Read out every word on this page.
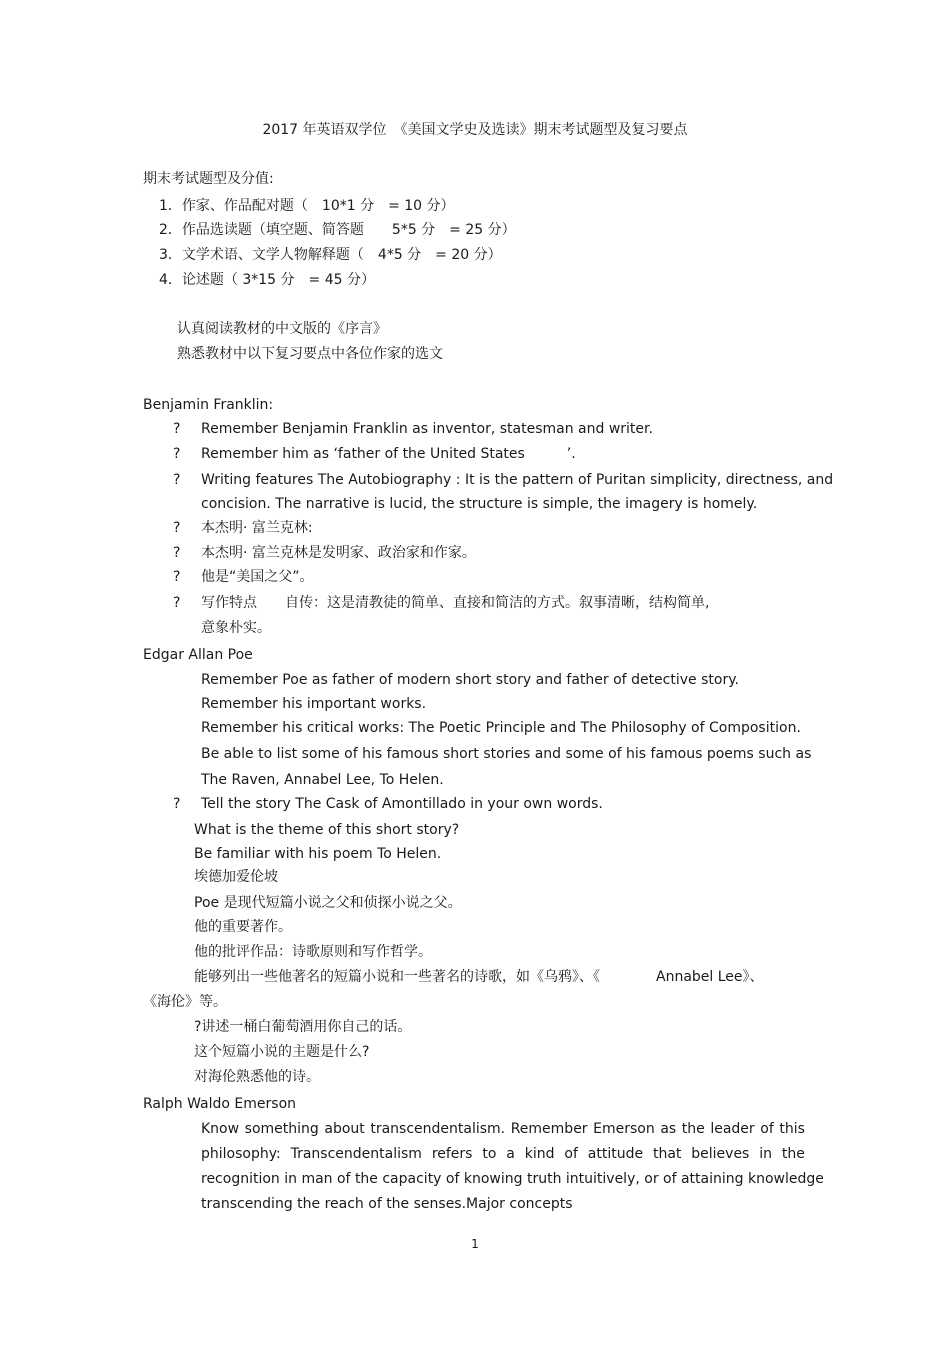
2017 年英语双学位　《美国文学史及选读》期末考试题型及复习要点
期末考试题型及分值:
1．作家、作品配对题（　10*1 分　= 10 分）
2．作品选读题（填空题、简答题　　5*5 分　= 25 分）
3．文学术语、文学人物解释题（　4*5 分　= 20 分）
4．论述题（ 3*15 分　= 45 分）
认真阅读教材的中文版的《序言》
熟悉教材中以下复习要点中各位作家的选文
Benjamin Franklin:
? Remember Benjamin Franklin as inventor, statesman and writer.
? Remember him as ‘father of the United States　　　’.
? Writing features The Autobiography : It is the pattern of Puritan simplicity, directness, and
concision. The narrative is lucid, the structure is simple, the imagery is homely.
? 本杰明· 富兰克林:
? 本杰明· 富兰克林是发明家、政治家和作家。
? 他是“美国之父”。
? 写作特点　　自传：这是清教徒的简单、直接和简洁的方式。叙事清晰，结构简单,
意象朴实。
Edgar Allan Poe
Remember Poe as father of modern short story and father of detective story.
Remember his important works.
Remember his critical works: The Poetic Principle and The Philosophy of Composition.
Be able to list some of his famous short stories and some of his famous poems such as
The Raven, Annabel Lee, To Helen.
? Tell the story The Cask of Amontillado in your own words.
What is the theme of this short story?
Be familiar with his poem To Helen.
埃德加爱伦坡
Poe 是现代短篇小说之父和侦探小说之父。
他的重要著作。
他的批评作品：诗歌原则和写作哲学。
能够列出一些他著名的短篇小说和一些著名的诗歌，如《乌鸦》、《　　　　Annabel Lee》、
《海伦》等。
?讲述一桶白葡萄酒用你自己的话。
这个短篇小说的主题是什么?
对海伦熟悉他的诗。
Ralph Waldo Emerson
Know something about transcendentalism. Remember Emerson as the leader of this
philosophy: Transcendentalism refers to a kind of attitude that believes in the
recognition in man of the capacity of knowing truth intuitively, or of attaining knowledge
transcending the reach of the senses.Major concepts
1
